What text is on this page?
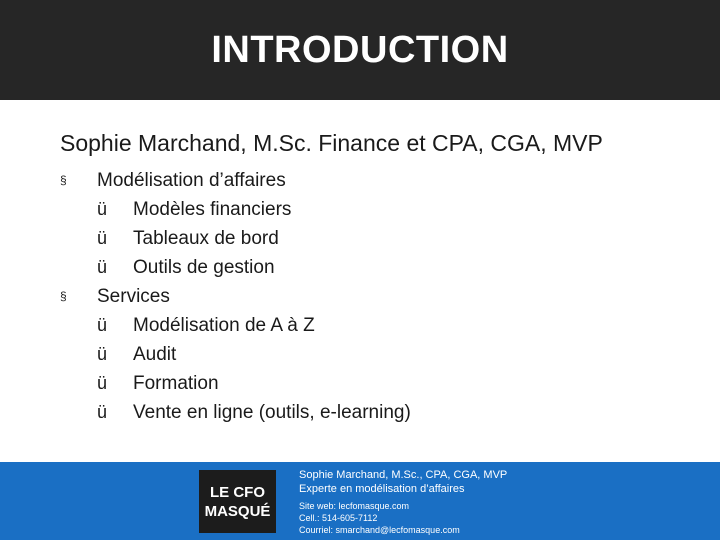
INTRODUCTION
Sophie Marchand, M.Sc. Finance et CPA, CGA, MVP
§ Modélisation d’affaires
ü Modèles financiers
ü Tableaux de bord
ü Outils de gestion
§ Services
ü Modélisation de A à Z
ü Audit
ü Formation
ü Vente en ligne (outils, e-learning)
LE CFO
MASQUÉ
Sophie Marchand, M.Sc., CPA, CGA, MVP
Experte en modélisation d’affaires
Site web: lecfomasque.com
Cell.: 514-605-7112
Courriel: smarchand@lecfomasque.com
